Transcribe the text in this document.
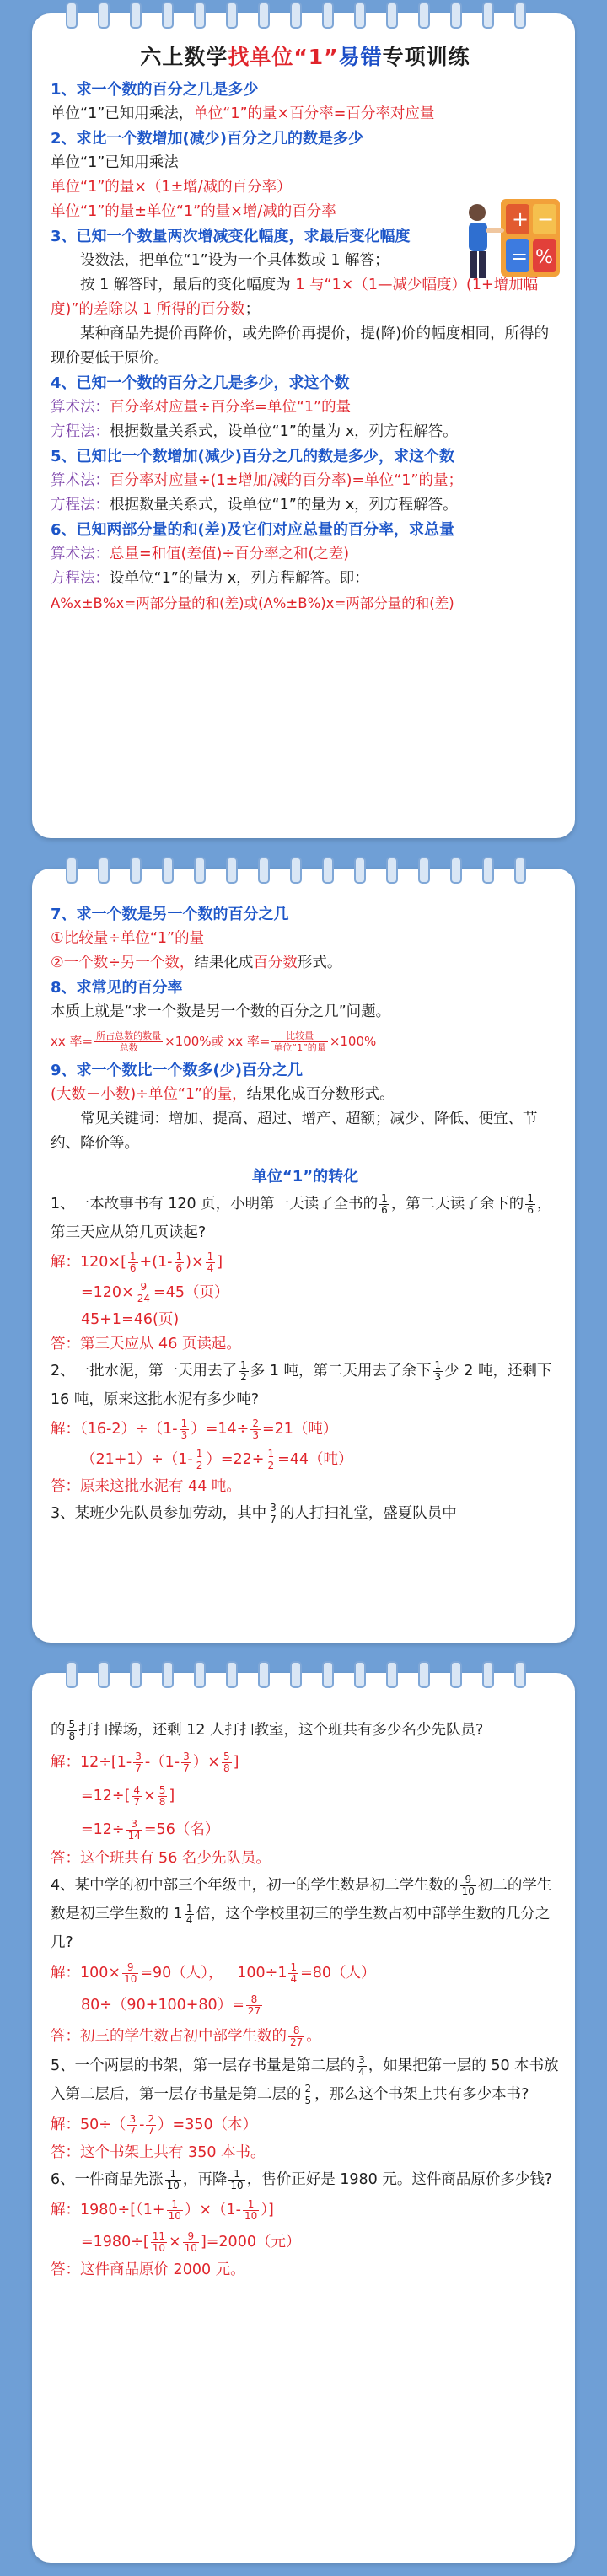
+ −
= %
六上数学找单位“1”易错专项训练
1、求一个数的百分之几是多少
单位“1”已知用乘法，单位“1”的量×百分率=百分率对应量
2、求比一个数增加(减少)百分之几的数是多少
单位“1”已知用乘法
单位“1”的量×（1±增/减的百分率）
单位“1”的量±单位“1”的量×增/减的百分率
3、已知一个数量两次增减变化幅度，求最后变化幅度
设数法，把单位“1”设为一个具体数或 1 解答；
按 1 解答时，最后的变化幅度为 1 与“1×（1—减少幅度）(1+增加幅度)”的差除以 1 所得的百分数；
某种商品先提价再降价，或先降价再提价，提(降)价的幅度相同，所得的现价要低于原价。
4、已知一个数的百分之几是多少，求这个数
算术法：百分率对应量÷百分率=单位“1”的量
方程法：根据数量关系式，设单位“1”的量为 x，列方程解答。
5、已知比一个数增加(减少)百分之几的数是多少，求这个数
算术法：百分率对应量÷(1±增加/减的百分率)=单位“1”的量；
方程法：根据数量关系式，设单位“1”的量为 x，列方程解答。
6、已知两部分量的和(差)及它们对应总量的百分率，求总量
算术法：总量=和值(差值)÷百分率之和(之差)
方程法：设单位“1”的量为 x，列方程解答。即：
A%x±B%x=两部分量的和(差)或(A%±B%)x=两部分量的和(差)
7、求一个数是另一个数的百分之几
①比较量÷单位“1”的量
②一个数÷另一个数，结果化成百分数形式。
8、求常见的百分率
本质上就是“求一个数是另一个数的百分之几”问题。
xx 率= $\frac{\text{所占总数的数量}}{\text{总数}} \times 100\%$或 xx 率= $\frac{\text{比较量}}{\text{单位“1”的量}} \times 100\%$
9、求一个数比一个数多(少)百分之几
(大数－小数)÷单位“1”的量，结果化成百分数形式。
常见关键词：增加、提高、超过、增产、超额；减少、降低、便宜、节约、降价等。
单位“1”的转化
1、一本故事书有 120 页，小明第一天读了全书的 $\frac{1}{6}$ ，第二天读了余下的 $\frac{1}{6}$ ，第三天应从第几页读起?
解：$120\times[ \frac{1}{6} +(1- \frac{1}{6}$ )× $\frac{1}{4}$ ]
$=120\times \frac{9}{24} =45$（页）
45+1=46(页)
答：第三天应从 46 页读起。
2、一批水泥，第一天用去了 $\frac{1}{2}$ 多 1 吨，第二天用去了余下 $\frac{1}{3}$ 少 2 吨，还剩下 16 吨，原来这批水泥有多少吨?
解：$(16-2)\div(1- \frac{1}{3} )=14\div \frac{2}{3} =21$（吨）
$(21+1)\div(1- \frac{1}{2} )=22\div \frac{1}{2} =44$（吨）
答：原来这批水泥有 44 吨。
3、某班少先队员参加劳动，其中 $\frac{3}{7}$ 的人打扫礼堂，盛夏队员中
的 $\frac{5}{8}$ 打扫操场，还剩 12 人打扫教室，这个班共有多少名少先队员?
解：$12\div[1- \frac{3}{7} -(1- \frac{3}{7}$ ）× $\frac{5}{8}$ ]
$=12\div[ \frac{4}{7} \times \frac{5}{8}$ ]
$=12\div \frac{3}{14} =56$（名）
答：这个班共有 56 名少先队员。
4、某中学的初中部三个年级中，初一的学生数是初二学生数的 $\frac{9}{10}$ 初二的学生数是初三学生数的 $1 \frac{1}{4}$ 倍，这个学校里初三的学生数占初中部学生数的几分之几?
解：$100\times \frac{9}{10} =90$（人）， $100\div 1 \frac{1}{4} =80$（人）
$80\div(90+100+80)= \frac{8}{27}$
答：初三的学生数占初中部学生数的 $\frac{8}{27}$ 。
5、一个两层的书架，第一层存书量是第二层的 $\frac{3}{4}$ ，如果把第一层的 50 本书放入第二层后，第一层存书量是第二层的 $\frac{2}{5}$ ，那么这个书架上共有多少本书?
解：$50\div( \frac{3}{7} - \frac{2}{7} )=350$（本）
答：这个书架上共有 350 本书。
6、一件商品先涨 $\frac{1}{10}$ ，再降 $\frac{1}{10}$ ，售价正好是 1980 元。这件商品原价多少钱?
解：$1980\div[(1+ \frac{1}{10} )\times(1- \frac{1}{10}$ ）]
$=1980\div[ \frac{11}{10} \times \frac{9}{10} ]=2000$（元）
答：这件商品原价 2000 元。
